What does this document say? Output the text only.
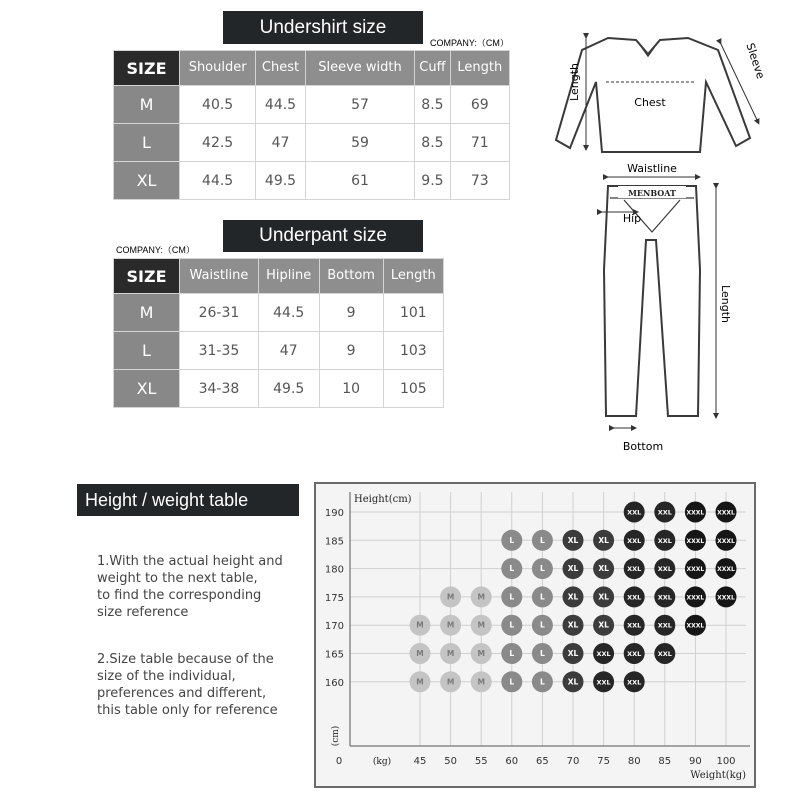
Undershirt size
COMPANY:（CM）
SIZE	Shoulder	Chest	Sleeve width	Cuff	Length
M	40.5	44.5	57	8.5	69
L	42.5	47	59	8.5	71
XL	44.5	49.5	61	9.5	73
COMPANY:（CM）
Underpant size
SIZE	Waistline	Hipline	Bottom	Length
M	26-31	44.5	9	101
L	31-35	47	9	103
XL	34-38	49.5	10	105
Length
Sleeve
Chest
Waistline
MENBOAT
Hip
Length
Bottom
Height / weight table
1.With the actual height and
weight to the next table,
to find the corresponding
size reference
2.Size table because of the
size of the individual,
preferences and different,
this table only for reference
Height(cm)
Weight(kg)
(cm)
(kg)
0	45 50 55 60 65 70 75 80 85 90 100
190
185
180
175
170
165
160
M
M
M
M
M
M
M
M
M
M
M
L
L
L
L
L
L
L
L
L
L
L
L
XL
XL
XL
XL
XL
XL
XL
XL
XL
XL
XXL
XXL
XXL
XXL
XXL
XXL
XXL
XXL
XXL
XXL
XXL
XXL
XXL
XXL
XXL
XXXL
XXXL
XXXL
XXXL
XXXL
XXXL
XXXL
XXXL
XXXL
